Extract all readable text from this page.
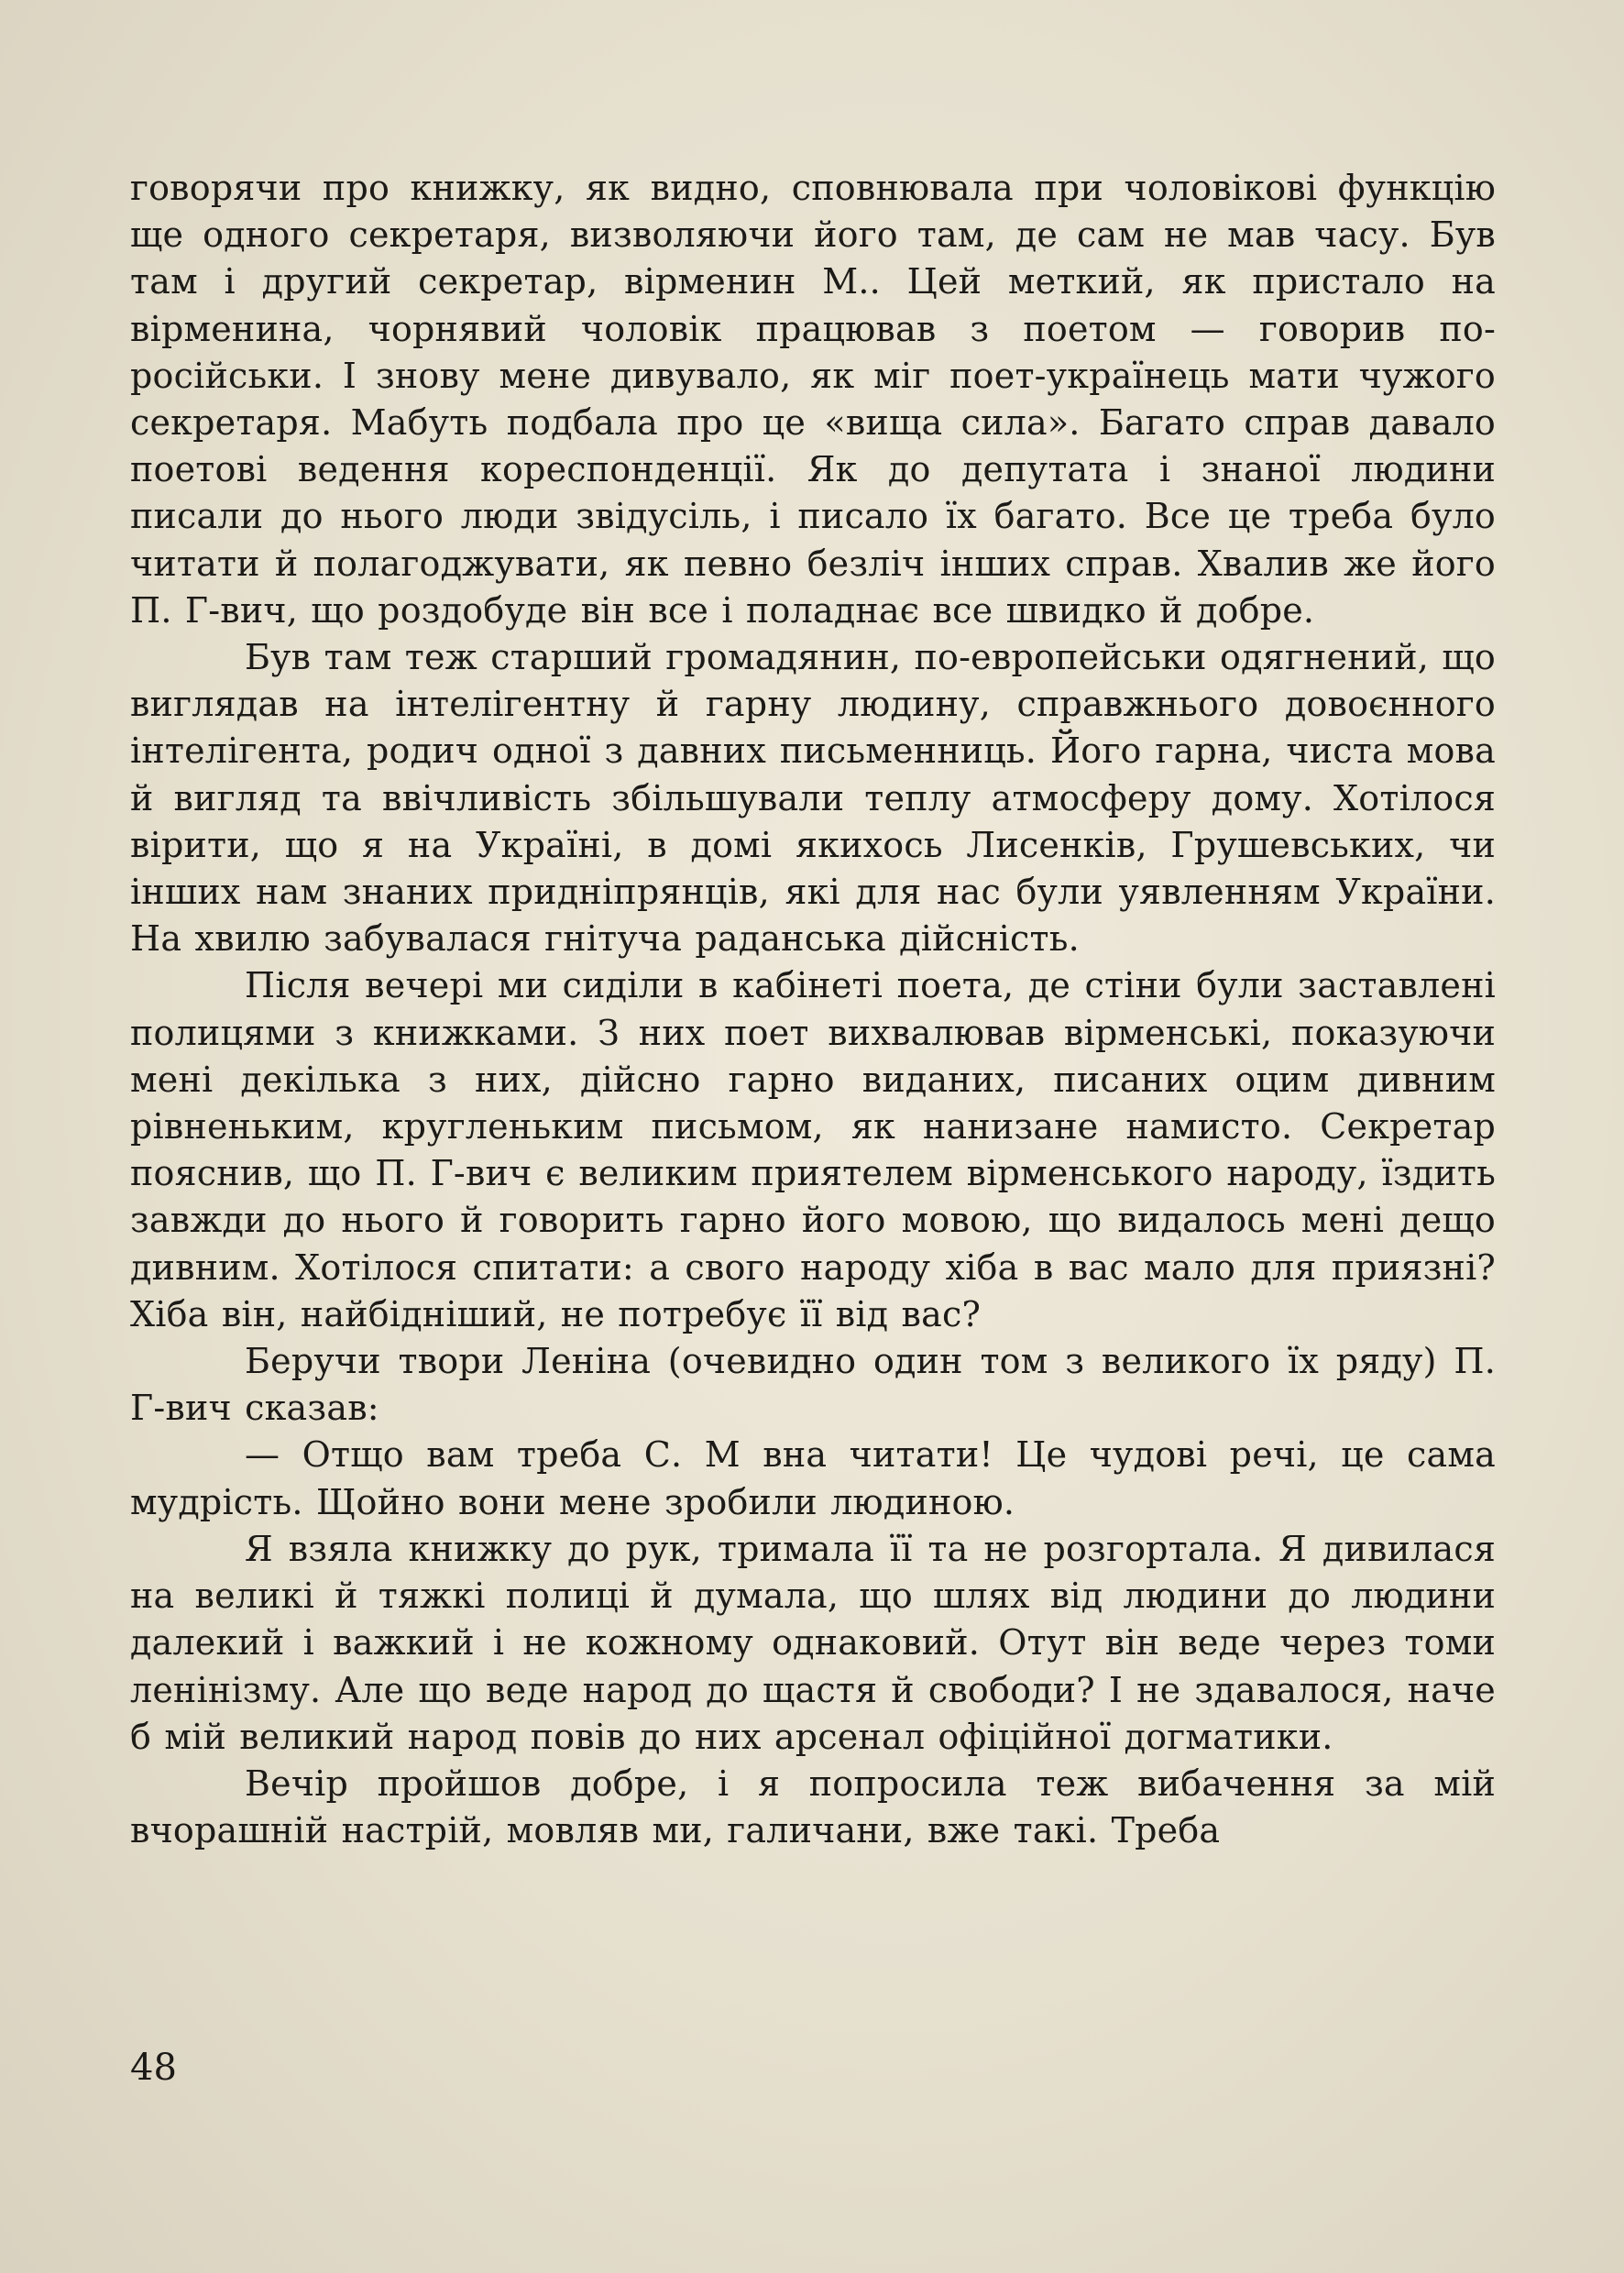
говорячи про книжку, як видно, сповнювала при чоловікові функцію ще одного секретаря, визволяючи його там, де сам не мав часу. Був там і другий секретар, вірменин М.. Цей меткий, як пристало на вірменина, чорнявий чоловік працював з поетом — говорив по-російськи. І знову мене дивувало, як міг поет-українець мати чужого секретаря. Мабуть подбала про це «вища сила». Багато справ давало поетові ведення кореспонденції. Як до депутата і знаної людини писали до нього люди звідусіль, і писало їх багато. Все це треба було читати й полагоджувати, як певно безліч інших справ. Хвалив же його П. Г-вич, що роздобуде він все і поладнає все швидко й добре.

Був там теж старший громадянин, по-европейськи одягнений, що виглядав на інтелігентну й гарну людину, справжнього довоєнного інтелігента, родич одної з давних письменниць. Його гарна, чиста мова й вигляд та ввічливість збільшували теплу атмосферу дому. Хотілося вірити, що я на Україні, в домі якихось Лисенків, Грушевських, чи інших нам знаних придніпрянців, які для нас були уявленням України. На хвилю забувалася гнітуча раданська дійсність.

Після вечері ми сиділи в кабінеті поета, де стіни були заставлені полицями з книжками. З них поет вихвалював вірменські, показуючи мені декілька з них, дійсно гарно виданих, писаних оцим дивним рівненьким, кругленьким письмом, як нанизане намисто. Секретар пояснив, що П. Г-вич є великим приятелем вірменського народу, їздить завжди до нього й говорить гарно його мовою, що видалось мені дещо дивним. Хотілося спитати: а свого народу хіба в вас мало для приязні? Хіба він, найбідніший, не потребує її від вас?

Беручи твори Леніна (очевидно один том з великого їх ряду) П. Г-вич сказав:

— Отщо вам треба С. М вна читати! Це чудові речі, це сама мудрість. Щойно вони мене зробили людиною.

Я взяла книжку до рук, тримала її та не розгортала. Я дивилася на великі й тяжкі полиці й думала, що шлях від людини до людини далекий і важкий і не кожному однаковий. Отут він веде через томи ленінізму. Але що веде народ до щастя й свободи? І не здавалося, наче б мій великий народ повів до них арсенал офіційної догматики.

Вечір пройшов добре, і я попросила теж вибачення за мій вчорашній настрій, мовляв ми, галичани, вже такі. Треба

48
